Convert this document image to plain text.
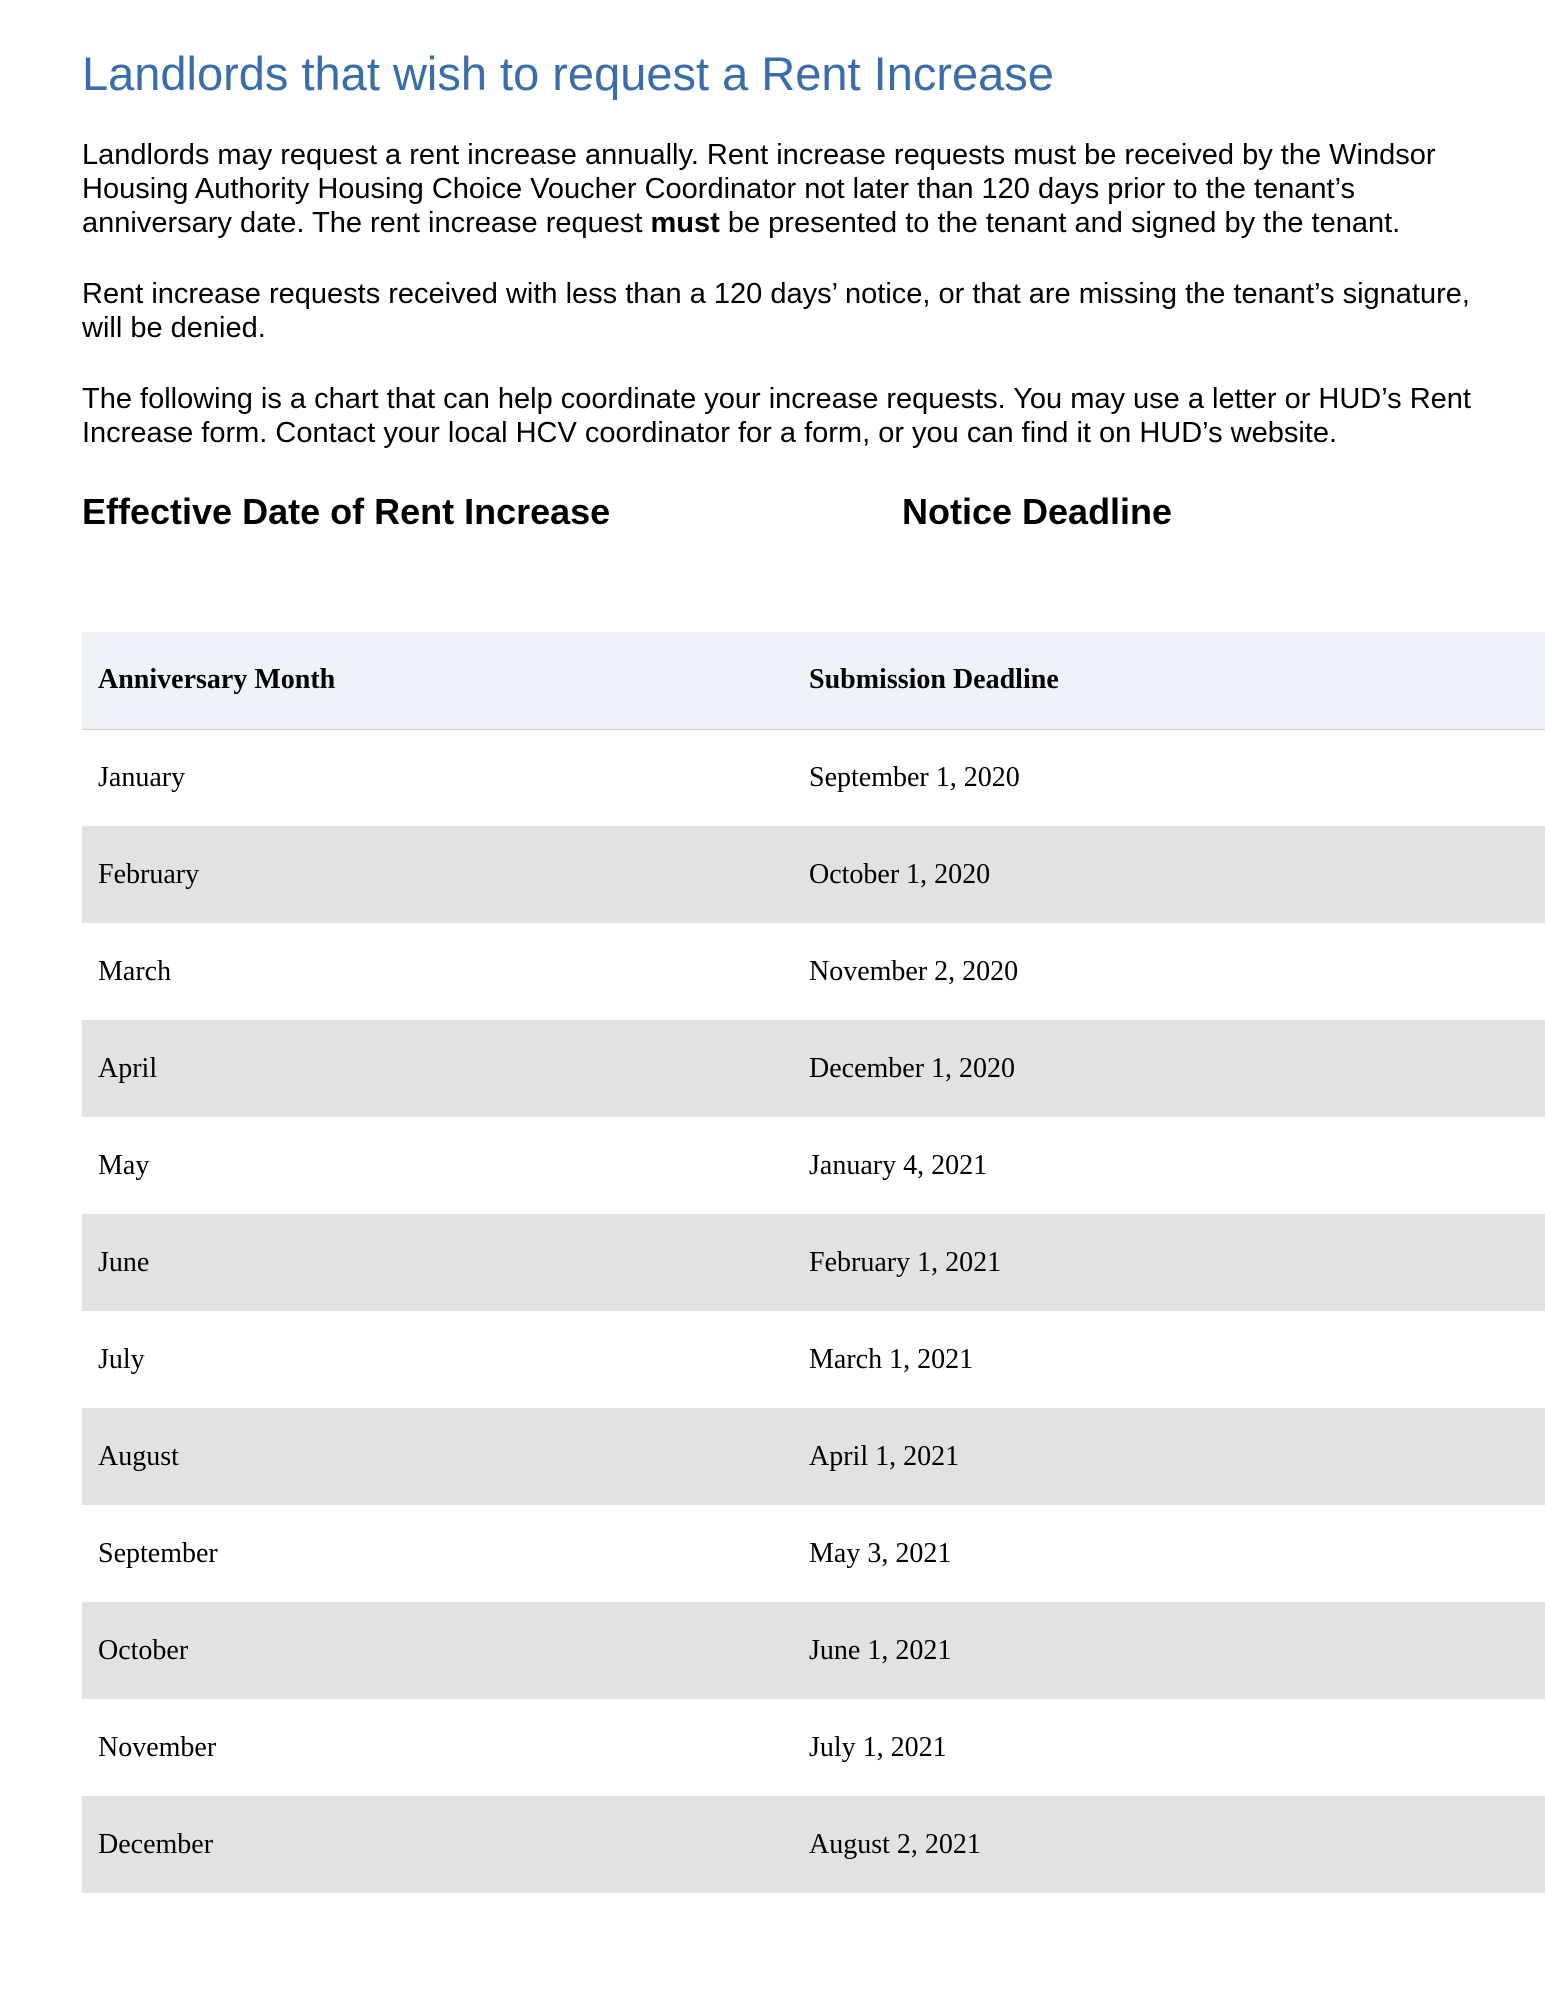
Landlords that wish to request a Rent Increase

Landlords may request a rent increase annually. Rent increase requests must be received by the Windsor Housing Authority Housing Choice Voucher Coordinator not later than 120 days prior to the tenant’s anniversary date. The rent increase request must be presented to the tenant and signed by the tenant.

Rent increase requests received with less than a 120 days’ notice, or that are missing the tenant’s signature, will be denied.

The following is a chart that can help coordinate your increase requests. You may use a letter or HUD’s Rent Increase form. Contact your local HCV coordinator for a form, or you can find it on HUD’s website.

Effective Date of Rent Increase	Notice Deadline
Anniversary Month	Submission Deadline
January	September 1, 2020
February	October 1, 2020
March	November 2, 2020
April	December 1, 2020
May	January 4, 2021
June	February 1, 2021
July	March 1, 2021
August	April 1, 2021
September	May 3, 2021
October	June 1, 2021
November	July 1, 2021
December	August 2, 2021
